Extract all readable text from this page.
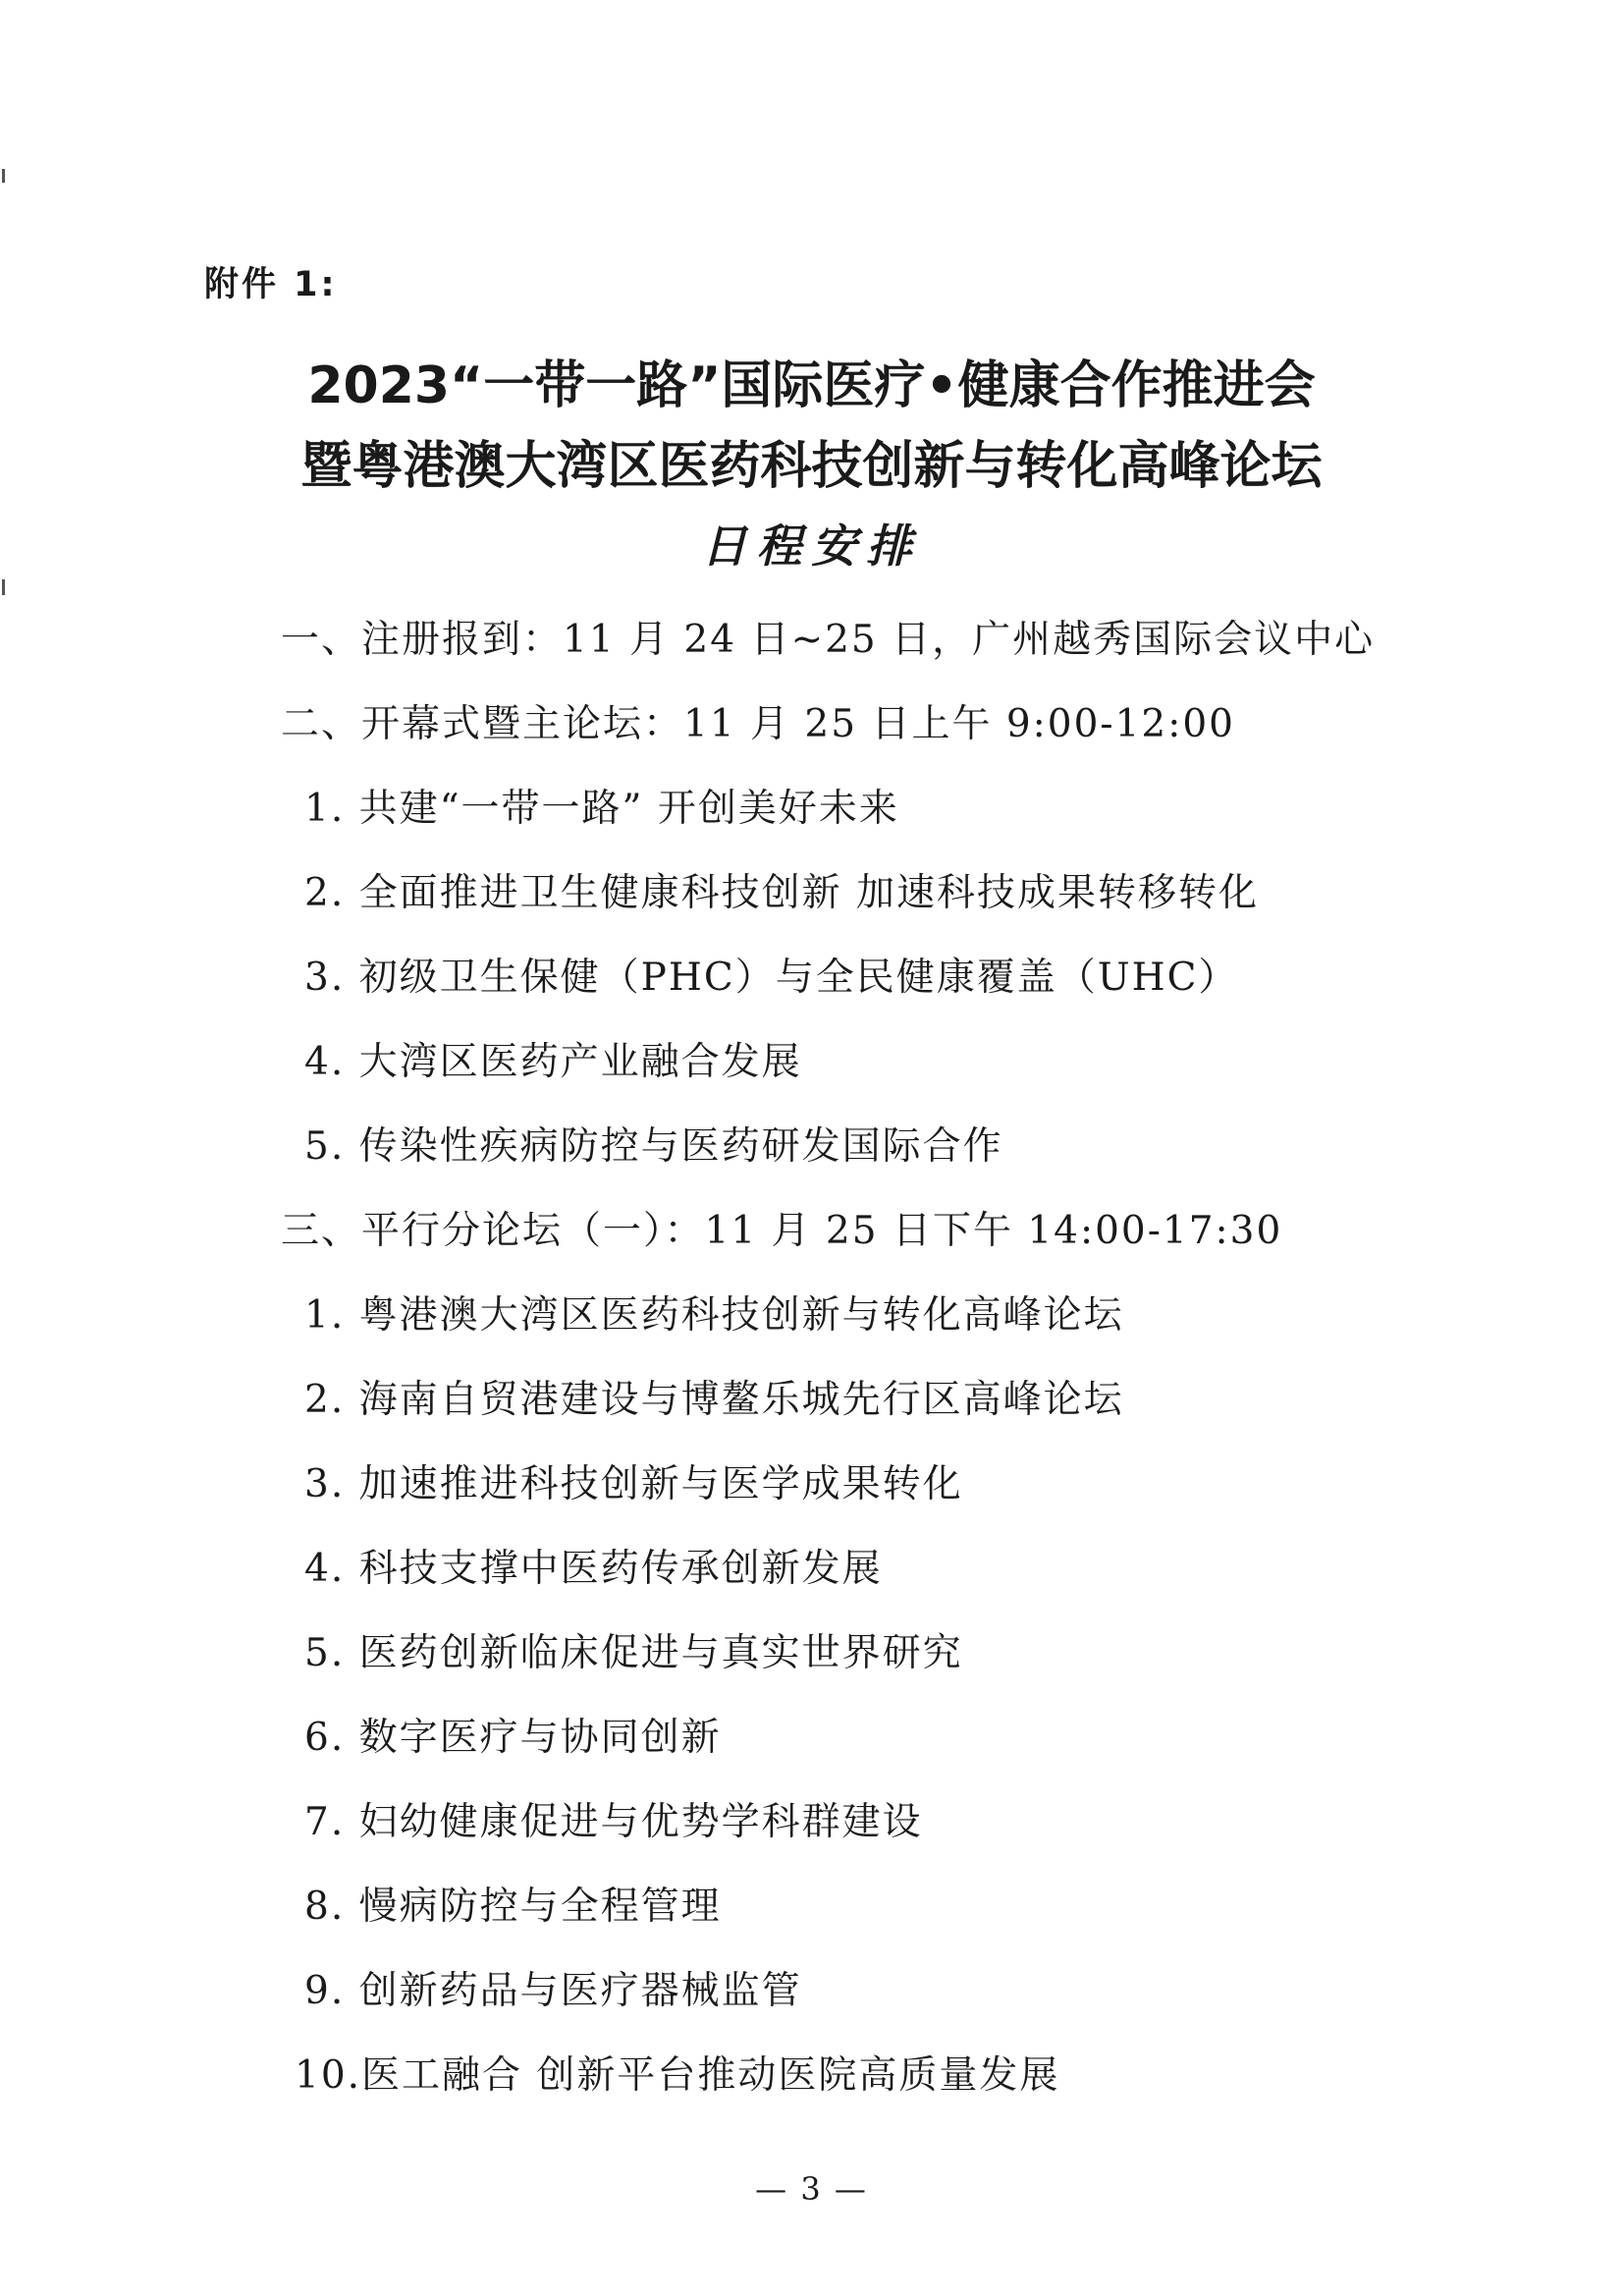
附件 1:
2023“一带一路”国际医疗•健康合作推进会
暨粤港澳大湾区医药科技创新与转化高峰论坛
日程安排
一、注册报到：11 月 24 日~25 日，广州越秀国际会议中心
二、开幕式暨主论坛：11 月 25 日上午 9:00-12:00
1. 共建“一带一路” 开创美好未来
2. 全面推进卫生健康科技创新 加速科技成果转移转化
3. 初级卫生保健（PHC）与全民健康覆盖（UHC）
4. 大湾区医药产业融合发展
5. 传染性疾病防控与医药研发国际合作
三、平行分论坛（一）：11 月 25 日下午 14:00-17:30
1. 粤港澳大湾区医药科技创新与转化高峰论坛
2. 海南自贸港建设与博鳌乐城先行区高峰论坛
3. 加速推进科技创新与医学成果转化
4. 科技支撑中医药传承创新发展
5. 医药创新临床促进与真实世界研究
6. 数字医疗与协同创新
7. 妇幼健康促进与优势学科群建设
8. 慢病防控与全程管理
9. 创新药品与医疗器械监管
10.医工融合 创新平台推动医院高质量发展
— 3 —
